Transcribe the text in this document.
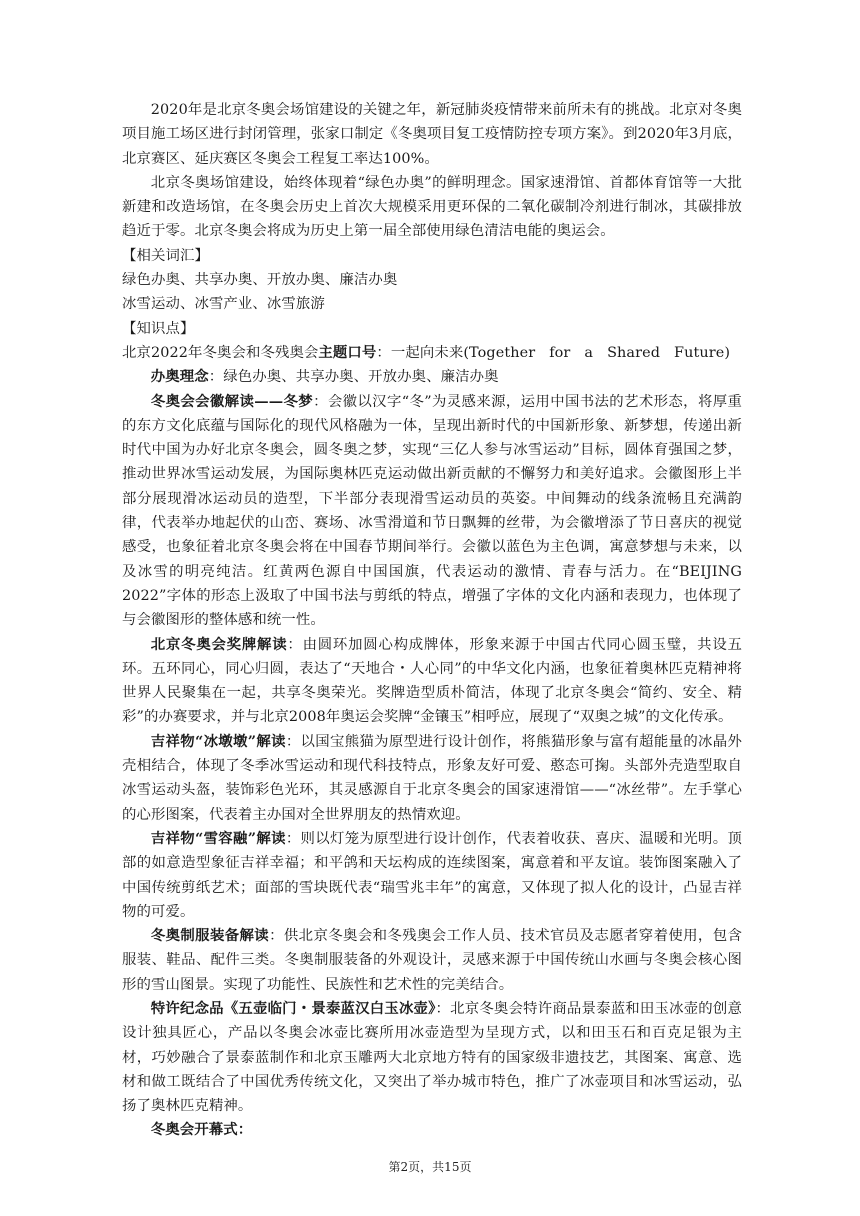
2020年是北京冬奥会场馆建设的关键之年，新冠肺炎疫情带来前所未有的挑战。北京对冬奥项目施工场区进行封闭管理，张家口制定《冬奥项目复工疫情防控专项方案》。到2020年3月底，北京赛区、延庆赛区冬奥会工程复工率达100%。

北京冬奥场馆建设，始终体现着“绿色办奥”的鲜明理念。国家速滑馆、首都体育馆等一大批新建和改造场馆，在冬奥会历史上首次大规模采用更环保的二氧化碳制冷剂进行制冰，其碳排放趋近于零。北京冬奥会将成为历史上第一届全部使用绿色清洁电能的奥运会。

【相关词汇】

绿色办奥、共享办奥、开放办奥、廉洁办奥

冰雪运动、冰雪产业、冰雪旅游

【知识点】

北京2022年冬奥会和冬残奥会主题口号：一起向未来(Together   for   a   Shared   Future)

办奥理念：绿色办奥、共享办奥、开放办奥、廉洁办奥

冬奥会会徽解读——冬梦：会徽以汉字“冬”为灵感来源，运用中国书法的艺术形态，将厚重的东方文化底蕴与国际化的现代风格融为一体，呈现出新时代的中国新形象、新梦想，传递出新时代中国为办好北京冬奥会，圆冬奥之梦，实现“三亿人参与冰雪运动”目标，圆体育强国之梦，推动世界冰雪运动发展，为国际奥林匹克运动做出新贡献的不懈努力和美好追求。会徽图形上半部分展现滑冰运动员的造型，下半部分表现滑雪运动员的英姿。中间舞动的线条流畅且充满韵律，代表举办地起伏的山峦、赛场、冰雪滑道和节日飘舞的丝带，为会徽增添了节日喜庆的视觉感受，也象征着北京冬奥会将在中国春节期间举行。会徽以蓝色为主色调，寓意梦想与未来，以及冰雪的明亮纯洁。红黄两色源自中国国旗，代表运动的激情、青春与活力。在“BEIJING 2022”字体的形态上汲取了中国书法与剪纸的特点，增强了字体的文化内涵和表现力，也体现了与会徽图形的整体感和统一性。

北京冬奥会奖牌解读：由圆环加圆心构成牌体，形象来源于中国古代同心圆玉璧，共设五环。五环同心，同心归圆，表达了“天地合・人心同”的中华文化内涵，也象征着奥林匹克精神将世界人民聚集在一起，共享冬奥荣光。奖牌造型质朴简洁，体现了北京冬奥会“简约、安全、精彩”的办赛要求，并与北京2008年奥运会奖牌“金镶玉”相呼应，展现了“双奥之城”的文化传承。

吉祥物“冰墩墩”解读：以国宝熊猫为原型进行设计创作，将熊猫形象与富有超能量的冰晶外壳相结合，体现了冬季冰雪运动和现代科技特点，形象友好可爱、憨态可掬。头部外壳造型取自冰雪运动头盔，装饰彩色光环，其灵感源自于北京冬奥会的国家速滑馆——“冰丝带”。左手掌心的心形图案，代表着主办国对全世界朋友的热情欢迎。

吉祥物“雪容融”解读：则以灯笼为原型进行设计创作，代表着收获、喜庆、温暖和光明。顶部的如意造型象征吉祥幸福；和平鸽和天坛构成的连续图案，寓意着和平友谊。装饰图案融入了中国传统剪纸艺术；面部的雪块既代表“瑞雪兆丰年”的寓意，又体现了拟人化的设计，凸显吉祥物的可爱。

冬奥制服装备解读：供北京冬奥会和冬残奥会工作人员、技术官员及志愿者穿着使用，包含服装、鞋品、配件三类。冬奥制服装备的外观设计，灵感来源于中国传统山水画与冬奥会核心图形的雪山图景。实现了功能性、民族性和艺术性的完美结合。

特许纪念品《五壶临门・景泰蓝汉白玉冰壶》：北京冬奥会特许商品景泰蓝和田玉冰壶的创意设计独具匠心，产品以冬奥会冰壶比赛所用冰壶造型为呈现方式，以和田玉石和百克足银为主材，巧妙融合了景泰蓝制作和北京玉雕两大北京地方特有的国家级非遗技艺，其图案、寓意、选材和做工既结合了中国优秀传统文化，又突出了举办城市特色，推广了冰壶项目和冰雪运动，弘扬了奥林匹克精神。

冬奥会开幕式：

第2页，共15页
